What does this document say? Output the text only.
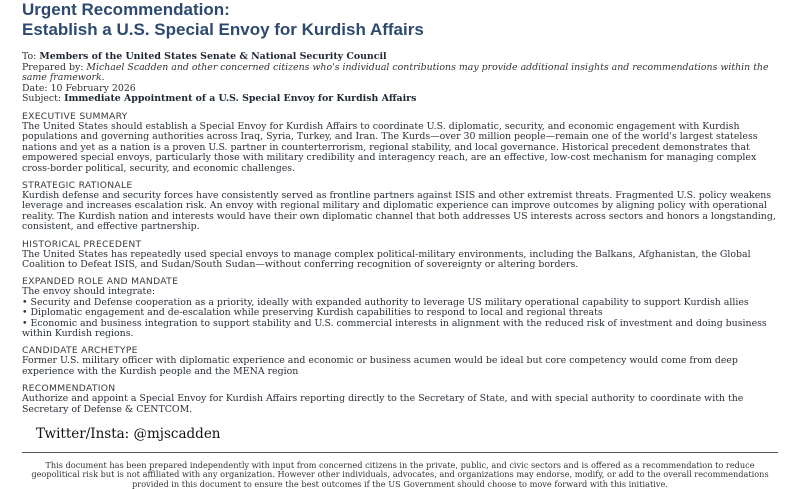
Urgent Recommendation:
Establish a U.S. Special Envoy for Kurdish Affairs
To: Members of the United States Senate & National Security Council
Prepared by: Michael Scadden and other concerned citizens who's individual contributions may provide additional insights and recommendations within the same framework.
Date: 10 February 2026
Subject: Immediate Appointment of a U.S. Special Envoy for Kurdish Affairs
EXECUTIVE SUMMARY
The United States should establish a Special Envoy for Kurdish Affairs to coordinate U.S. diplomatic, security, and economic engagement with Kurdish populations and governing authorities across Iraq, Syria, Turkey, and Iran. The Kurds—over 30 million people—remain one of the world's largest stateless nations and yet as a nation is a proven U.S. partner in counterterrorism, regional stability, and local governance. Historical precedent demonstrates that empowered special envoys, particularly those with military credibility and interagency reach, are an effective, low-cost mechanism for managing complex cross-border political, security, and economic challenges.
STRATEGIC RATIONALE
Kurdish defense and security forces have consistently served as frontline partners against ISIS and other extremist threats. Fragmented U.S. policy weakens leverage and increases escalation risk. An envoy with regional military and diplomatic experience can improve outcomes by aligning policy with operational reality. The Kurdish nation and interests would have their own diplomatic channel that both addresses US interests across sectors and honors a longstanding, consistent, and effective partnership.
HISTORICAL PRECEDENT
The United States has repeatedly used special envoys to manage complex political-military environments, including the Balkans, Afghanistan, the Global Coalition to Defeat ISIS, and Sudan/South Sudan—without conferring recognition of sovereignty or altering borders.
EXPANDED ROLE AND MANDATE
The envoy should integrate:
• Security and Defense cooperation as a priority, ideally with expanded authority to leverage US military operational capability to support Kurdish allies
• Diplomatic engagement and de-escalation while preserving Kurdish capabilities to respond to local and regional threats
• Economic and business integration to support stability and U.S. commercial interests in alignment with the reduced risk of investment and doing business within Kurdish regions.
CANDIDATE ARCHETYPE
Former U.S. military officer with diplomatic experience and economic or business acumen would be ideal but core competency would come from deep experience with the Kurdish people and the MENA region
RECOMMENDATION
Authorize and appoint a Special Envoy for Kurdish Affairs reporting directly to the Secretary of State, and with special authority to coordinate with the Secretary of Defense & CENTCOM.
Twitter/Insta: @mjscadden
This document has been prepared independently with input from concerned citizens in the private, public, and civic sectors and is offered as a recommendation to reduce geopolitical risk but is not affiliated with any organization. However other individuals, advocates, and organizations may endorse, modify, or add to the overall recommendations provided in this document to ensure the best outcomes if the US Government should choose to move forward with this initiative.
